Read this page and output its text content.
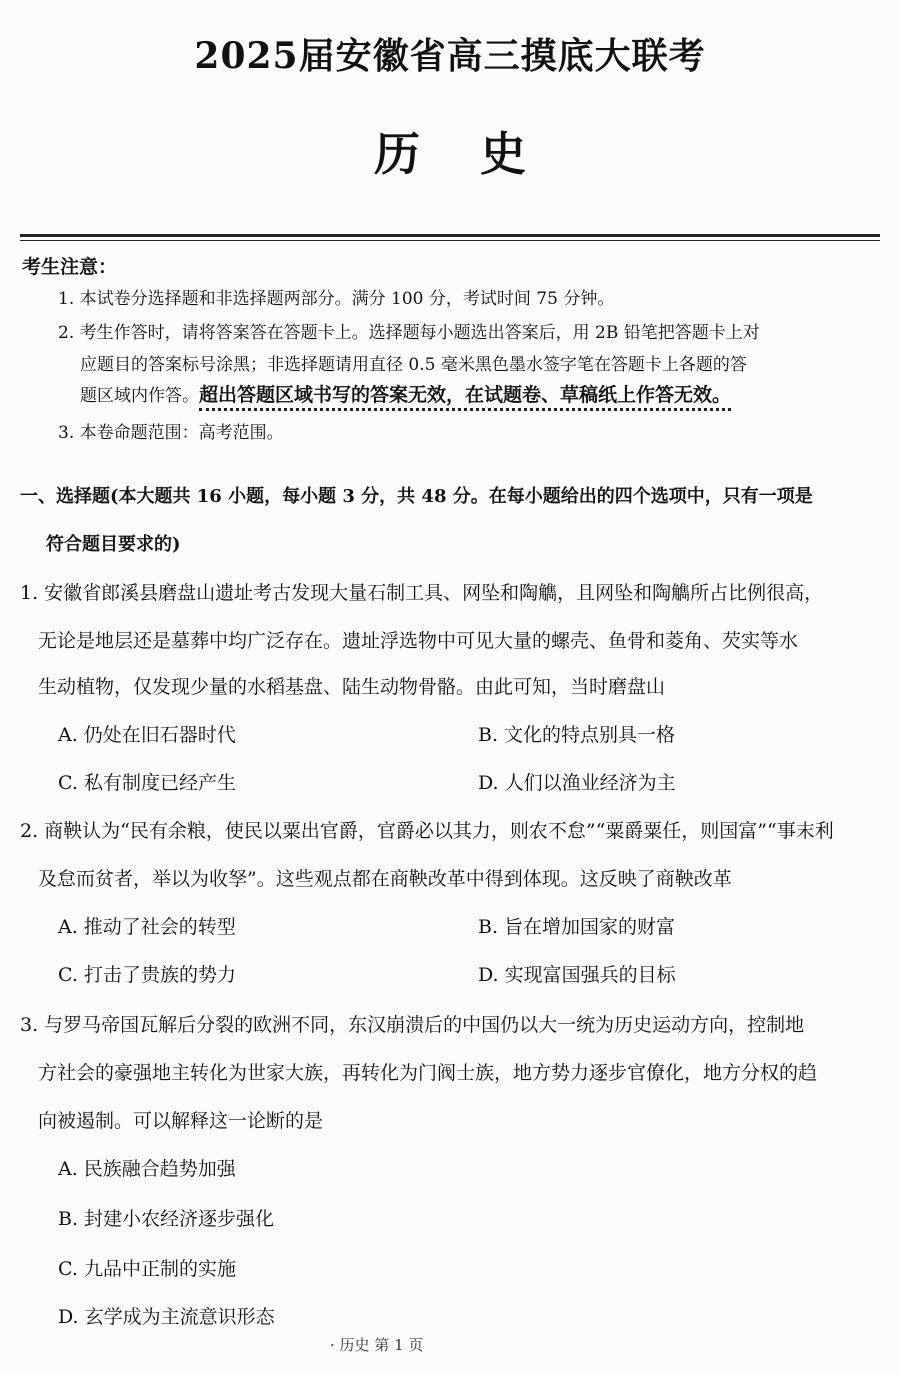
2025届安徽省高三摸底大联考
历史
考生注意：
1. 本试卷分选择题和非选择题两部分。满分 100 分，考试时间 75 分钟。
2. 考生作答时，请将答案答在答题卡上。选择题每小题选出答案后，用 2B 铅笔把答题卡上对
应题目的答案标号涂黑；非选择题请用直径 0.5 毫米黑色墨水签字笔在答题卡上各题的答
题区域内作答。超出答题区域书写的答案无效，在试题卷、草稿纸上作答无效。
3. 本卷命题范围：高考范围。
一、选择题(本大题共 16 小题，每小题 3 分，共 48 分。在每小题给出的四个选项中，只有一项是
符合题目要求的)
1. 安徽省郎溪县磨盘山遗址考古发现大量石制工具、网坠和陶觹，且网坠和陶觹所占比例很高，
无论是地层还是墓葬中均广泛存在。遗址浮选物中可见大量的螺壳、鱼骨和菱角、芡实等水
生动植物，仅发现少量的水稻基盘、陆生动物骨骼。由此可知，当时磨盘山
A. 仍处在旧石器时代	B. 文化的特点别具一格
C. 私有制度已经产生	D. 人们以渔业经济为主
2. 商鞅认为“民有余粮，使民以粟出官爵，官爵必以其力，则农不怠”“粟爵粟任，则国富”“事末利
及怠而贫者，举以为收孥”。这些观点都在商鞅改革中得到体现。这反映了商鞅改革
A. 推动了社会的转型	B. 旨在增加国家的财富
C. 打击了贵族的势力	D. 实现富国强兵的目标
3. 与罗马帝国瓦解后分裂的欧洲不同，东汉崩溃后的中国仍以大一统为历史运动方向，控制地
方社会的豪强地主转化为世家大族，再转化为门阀士族，地方势力逐步官僚化，地方分权的趋
向被遏制。可以解释这一论断的是
A. 民族融合趋势加强
B. 封建小农经济逐步强化
C. 九品中正制的实施
D. 玄学成为主流意识形态
· 历史 第 1 页
